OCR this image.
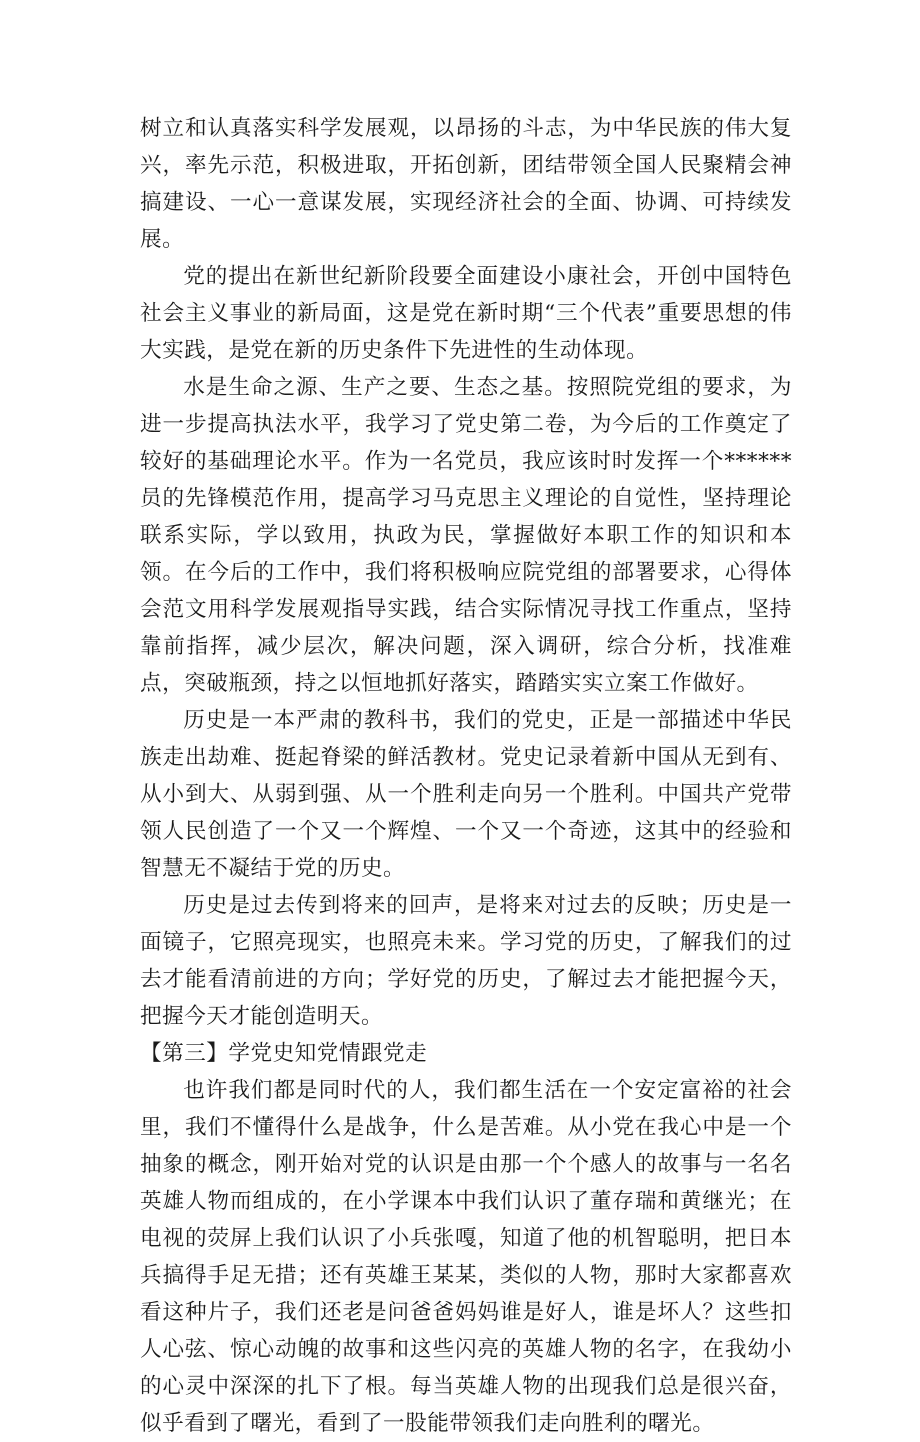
树立和认真落实科学发展观，以昂扬的斗志，为中华民族的伟大复兴，率先示范，积极进取，开拓创新，团结带领全国人民聚精会神搞建设、一心一意谋发展，实现经济社会的全面、协调、可持续发展。

党的提出在新世纪新阶段要全面建设小康社会，开创中国特色社会主义事业的新局面，这是党在新时期“三个代表”重要思想的伟大实践，是党在新的历史条件下先进性的生动体现。

水是生命之源、生产之要、生态之基。按照院党组的要求，为进一步提高执法水平，我学习了党史第二卷，为今后的工作奠定了较好的基础理论水平。作为一名党员，我应该时时发挥一个******员的先锋模范作用，提高学习马克思主义理论的自觉性，坚持理论联系实际，学以致用，执政为民，掌握做好本职工作的知识和本领。在今后的工作中，我们将积极响应院党组的部署要求，心得体会范文用科学发展观指导实践，结合实际情况寻找工作重点，坚持靠前指挥，减少层次，解决问题，深入调研，综合分析，找准难点，突破瓶颈，持之以恒地抓好落实，踏踏实实立案工作做好。

历史是一本严肃的教科书，我们的党史，正是一部描述中华民族走出劫难、挺起脊梁的鲜活教材。党史记录着新中国从无到有、从小到大、从弱到强、从一个胜利走向另一个胜利。中国共产党带领人民创造了一个又一个辉煌、一个又一个奇迹，这其中的经验和智慧无不凝结于党的历史。

历史是过去传到将来的回声，是将来对过去的反映；历史是一面镜子，它照亮现实，也照亮未来。学习党的历史，了解我们的过去才能看清前进的方向；学好党的历史，了解过去才能把握今天，把握今天才能创造明天。

【第三】学党史知党情跟党走

也许我们都是同时代的人，我们都生活在一个安定富裕的社会里，我们不懂得什么是战争，什么是苦难。从小党在我心中是一个抽象的概念，刚开始对党的认识是由那一个个感人的故事与一名名英雄人物而组成的，在小学课本中我们认识了董存瑞和黄继光；在电视的荧屏上我们认识了小兵张嘎，知道了他的机智聪明，把日本兵搞得手足无措；还有英雄王某某，类似的人物，那时大家都喜欢看这种片子，我们还老是问爸爸妈妈谁是好人，谁是坏人？这些扣人心弦、惊心动魄的故事和这些闪亮的英雄人物的名字，在我幼小的心灵中深深的扎下了根。每当英雄人物的出现我们总是很兴奋，似乎看到了曙光，看到了一股能带领我们走向胜利的曙光。
